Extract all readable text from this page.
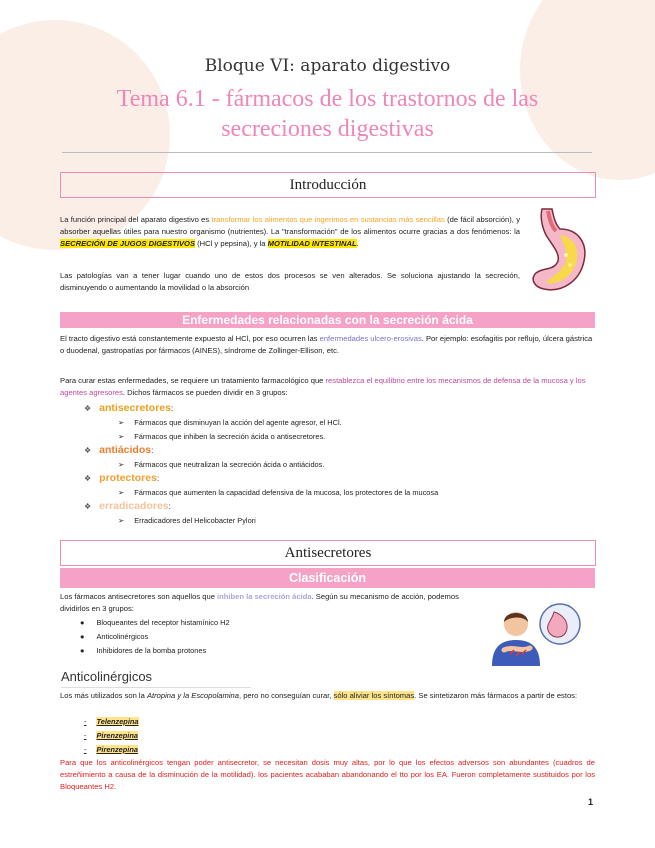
Bloque VI: aparato digestivo
Tema 6.1 - fármacos de los trastornos de las secreciones digestivas
Introducción
La función principal del aparato digestivo es transformar los alimentos que ingerimos en sustancias más sencillas (de fácil absorción), y absorber aquellas útiles para nuestro organismo (nutrientes). La "transformación" de los alimentos ocurre gracias a dos fenómenos: la SECRECIÓN DE JUGOS DIGESTIVOS (HCl y pepsina), y la MOTILIDAD INTESTINAL.
Las patologías van a tener lugar cuando uno de estos dos procesos se ven alterados. Se soluciona ajustando la secreción, disminuyendo o aumentando la movilidad o la absorción
Enfermedades relacionadas con la secreción ácida
El tracto digestivo está constantemente expuesto al HCl, por eso ocurren las enfermedades ulcero-erosivas. Por ejemplo: esofagitis por reflujo, úlcera gástrica o duodenal, gastropatías por fármacos (AINES), síndrome de Zollinger-Ellison, etc.
Para curar estas enfermedades, se requiere un tratamiento farmacológico que restablezca el equilibrio entre los mecanismos de defensa de la mucosa y los agentes agresores. Dichos fármacos se pueden dividir en 3 grupos:
❖ antisecretores:
➢ Fármacos que disminuyan la acción del agente agresor, el HCl.
➢ Fármacos que inhiben la secreción ácida o antisecretores.
❖ antiácidos:
➢ Fármacos que neutralizan la secreción ácida o antiácidos.
❖ protectores:
➢ Fármacos que aumenten la capacidad defensiva de la mucosa, los protectores de la mucosa
❖ erradicadores:
➢ Erradicadores del Helicobacter Pylori
Antisecretores
Clasificación
Los fármacos antisecretores son aquellos que inhiben la secreción ácida. Según su mecanismo de acción, podemos dividirlos en 3 grupos:
● Bloqueantes del receptor histamínico H2
● Anticolinérgicos
● Inhibidores de la bomba protones
Anticolinérgicos
Los más utilizados son la Atropina y la Escopolamina, pero no conseguían curar, sólo aliviar los síntomas. Se sintetizaron más fármacos a partir de estos:
- Telenzepina
- Pirenzepina
- Pirenzepina
Para que los anticolinérgicos tengan poder antisecretor, se necesitan dosis muy altas, por lo que los efectos adversos son abundantes (cuadros de estreñimiento a causa de la disminución de la motilidad). los pacientes acababan abandonando el tto por los EA. Fueron completamente sustituidos por los Bloqueantes H2.
1
